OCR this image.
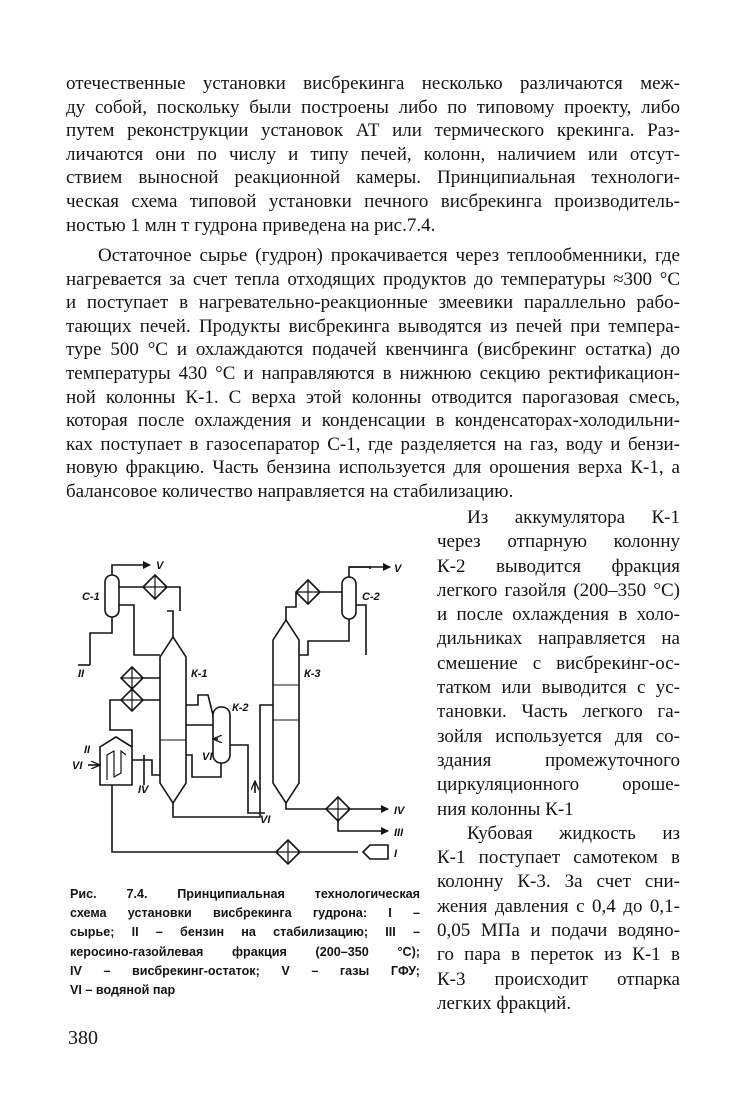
отечественные установки висбрекинга несколько различаются меж-
ду собой, поскольку были построены либо по типовому проекту, либо
путем реконструкции установок АТ или термического крекинга. Раз-
личаются они по числу и типу печей, колонн, наличием или отсут-
ствием выносной реакционной камеры. Принципиальная технологи-
ческая схема типовой установки печного висбрекинга производитель-
ностью 1 млн т гудрона приведена на рис.7.4.
Остаточное сырье (гудрон) прокачивается через теплообменники, где
нагревается за счет тепла отходящих продуктов до температуры ≈300 °С
и поступает в нагревательно-реакционные змеевики параллельно рабо-
тающих печей. Продукты висбрекинга выводятся из печей при темпера-
туре 500 °С и охлаждаются подачей квенчинга (висбрекинг остатка) до
температуры 430 °С и направляются в нижнюю секцию ректификацион-
ной колонны К-1. С верха этой колонны отводится парогазовая смесь,
которая после охлаждения и конденсации в конденсаторах-холодильни-
ках поступает в газосепаратор С-1, где разделяется на газ, воду и бензи-
новую фракцию. Часть бензина используется для орошения верха К-1, а
балансовое количество направляется на стабилизацию.
Из аккумулятора К-1
через отпарную колонну
К-2 выводится фракция
легкого газойля (200–350 °С)
и после охлаждения в холо-
дильниках направляется на
смешение с висбрекинг-ос-
татком или выводится с ус-
тановки. Часть легкого га-
зойля используется для со-
здания промежуточного
циркуляционного ороше-
ния колонны К-1
Кубовая жидкость из
К-1 поступает самотеком в
колонну К-3. За счет сни-
жения давления с 0,4 до 0,1-
0,05 МПа и подачи водяно-
го пара в переток из К-1 в
К-3 происходит отпарка
легких фракций.
С-1	С-2
К-1
К-2
К-3
V	V
II
II
VI
VI
VI
IV
IV
III
I
Рис. 7.4. Принципиальная технологическая
схема установки висбрекинга гудрона: I –
сырье; II – бензин на стабилизацию; III –
керосино-газойлевая фракция (200–350 °С);
IV – висбрекинг-остаток; V – газы ГФУ;
VI – водяной пар
380
